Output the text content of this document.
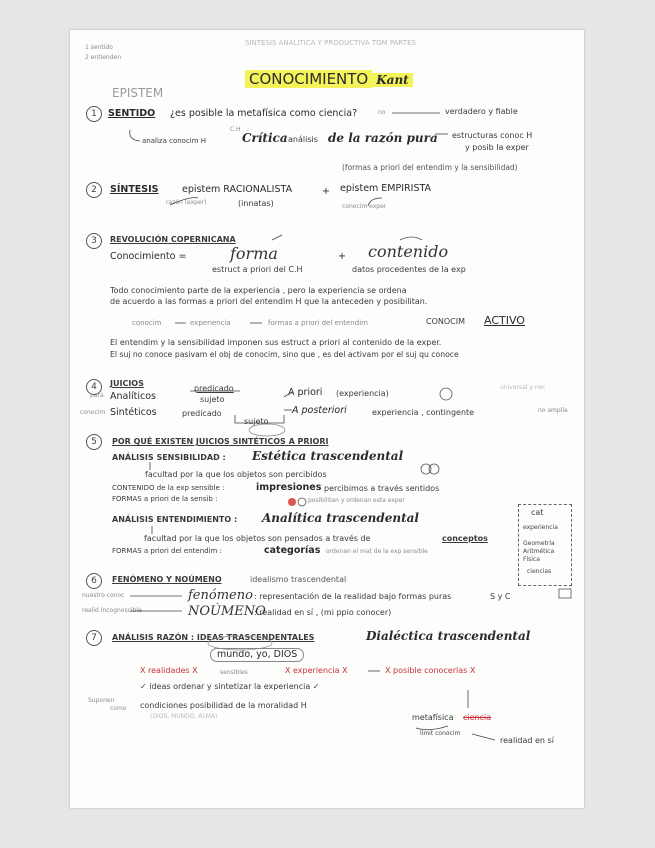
1 sentido
2 entienden
SÍNTESIS ANALÍTICA Y PRODUCTIVA TOM PARTES
CONOCIMIENTO Kant
EPISTEM
1	SENTIDO ¿es posible la metafísica como ciencia?	no	verdadero y fiable
C.H
analiza conocim H	Crítica análisis de la razón pura estructuras conoc H
y posib la exper
(formas a priori del entendim y la sensibilidad)
2	SÍNTESIS epistem RACIONALISTA	+ epistem EMPIRISTA
razón (exper)	(innatas)	conocim exper
3	REVOLUCIÓN COPERNICANA
Conocimiento =	forma	+ contenido
estruct a priori del C.H	datos procedentes de la exp
Todo conocimiento parte de la experiencia , pero la experiencia se ordena
de acuerdo a las formas a priori del entendim H que la anteceden y posibilitan.
conocim	experiencia	formas a priori del entendim	CONOCIM ACTIVO
El entendim y la sensibilidad imponen sus estruct a priori al contenido de la exper.
El suj no conoce pasivam el obj de conocim, sino que , es del activam por el suj qu conoce
4	JUICIOS
para Analíticos
predicado
sujeto
A priori (experiencia)
universal y nec
conocim Sintéticos	predicado
sujeto
A posteriori	experiencia , contingente	no amplía
5	POR QUÉ EXISTEN JUICIOS SINTÉTICOS A PRIORI
ANÁLISIS SENSIBILIDAD : Estética trascendental
facultad por la que los objetos son percibidos
CONTENIDO de la exp sensible :	impresiones percibimos a través sentidos
FORMAS a priori de la sensib :	posibilitan y ordenan esta exper
ANÁLISIS ENTENDIMIENTO : Analítica trascendental
facultad por la que los objetos son pensados a través de	conceptos
FORMAS a priori del entendim :	categorías ordenan el mat de la exp sensible
cat
experiencia
Geometría
Aritmética
Física
ciencias
6	FENÓMENO Y NOÚMENO	idealismo trascendental
nuestro conoc	fenómeno : representación de la realidad bajo formas puras	S y C
realid incognoscible	NOÚMENO
: realidad en sí , (mi ppio conocer)
7	ANÁLISIS RAZÓN : IDEAS TRASCENDENTALES	Dialéctica trascendental
mundo, yo, DIOS
X realidades X	sensibles	X experiencia X	X posible conocerlas X
✓ ideas ordenar y sintetizar la experiencia ✓
Suponen
como condiciones posibilidad de la moralidad H
(DIOS, MUNDO, ALMA)	metafísica ciencia
limit conocim
realidad en sí
